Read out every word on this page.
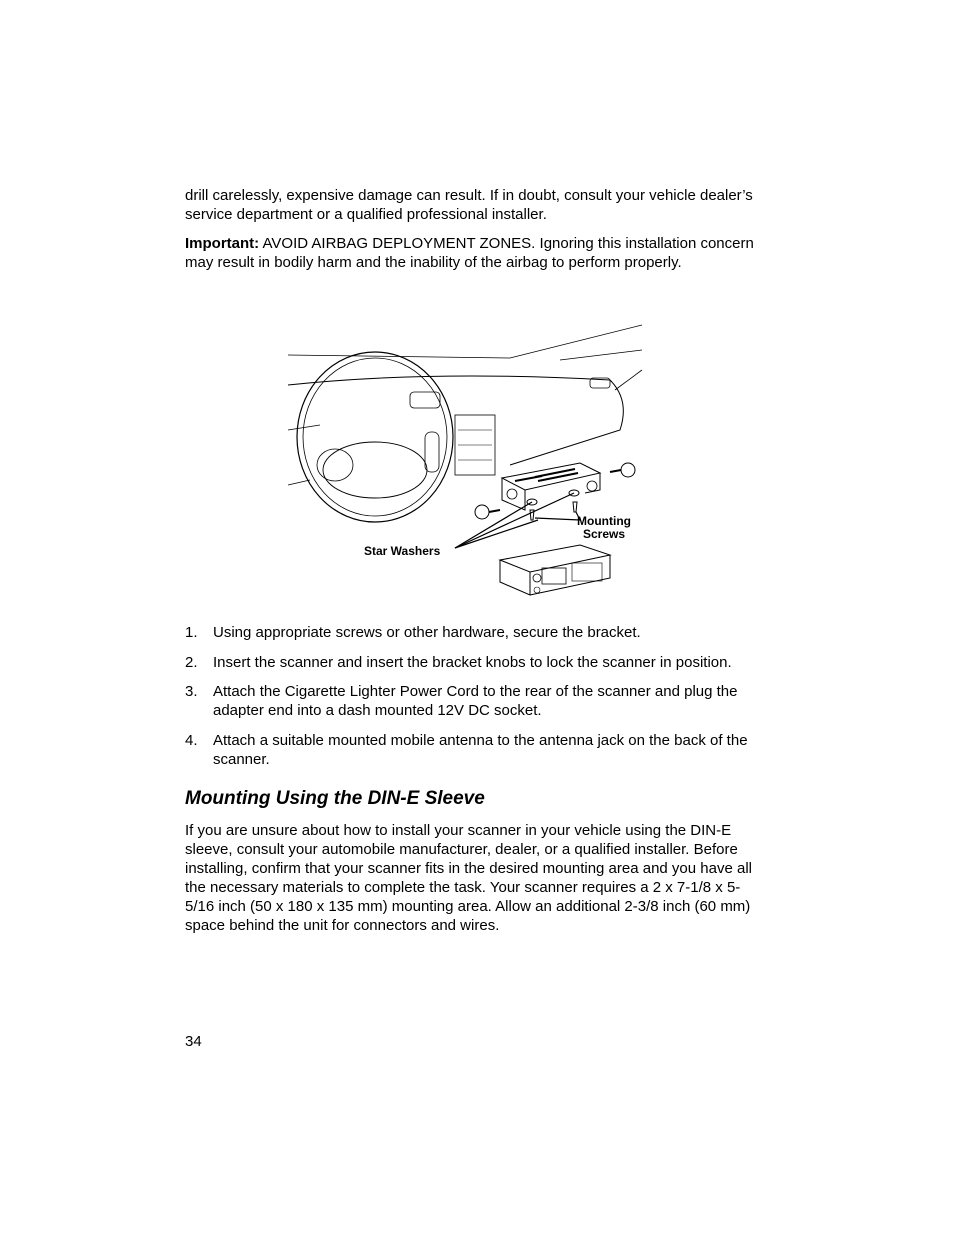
drill carelessly, expensive damage can result. If in doubt, consult your vehicle dealer’s service department or a qualified professional installer.

Important: AVOID AIRBAG DEPLOYMENT ZONES. Ignoring this installation concern may result in bodily harm and the inability of the airbag to perform properly.

Star Washers
Mounting
Screws
1. Using appropriate screws or other hardware, secure the bracket.
2. Insert the scanner and insert the bracket knobs to lock the scanner in position.
3. Attach the Cigarette Lighter Power Cord to the rear of the scanner and plug the adapter end into a dash mounted 12V DC socket.
4. Attach a suitable mounted mobile antenna to the antenna jack on the back of the scanner.
Mounting Using the DIN-E Sleeve

If you are unsure about how to install your scanner in your vehicle using the DIN-E sleeve, consult your automobile manufacturer, dealer, or a qualified installer. Before installing, confirm that your scanner fits in the desired mounting area and you have all the necessary materials to complete the task. Your scanner requires a 2 x 7-1/8 x 5-5/16 inch (50 x 180 x 135 mm) mounting area. Allow an additional 2-3/8 inch (60 mm) space behind the unit for connectors and wires.

34
